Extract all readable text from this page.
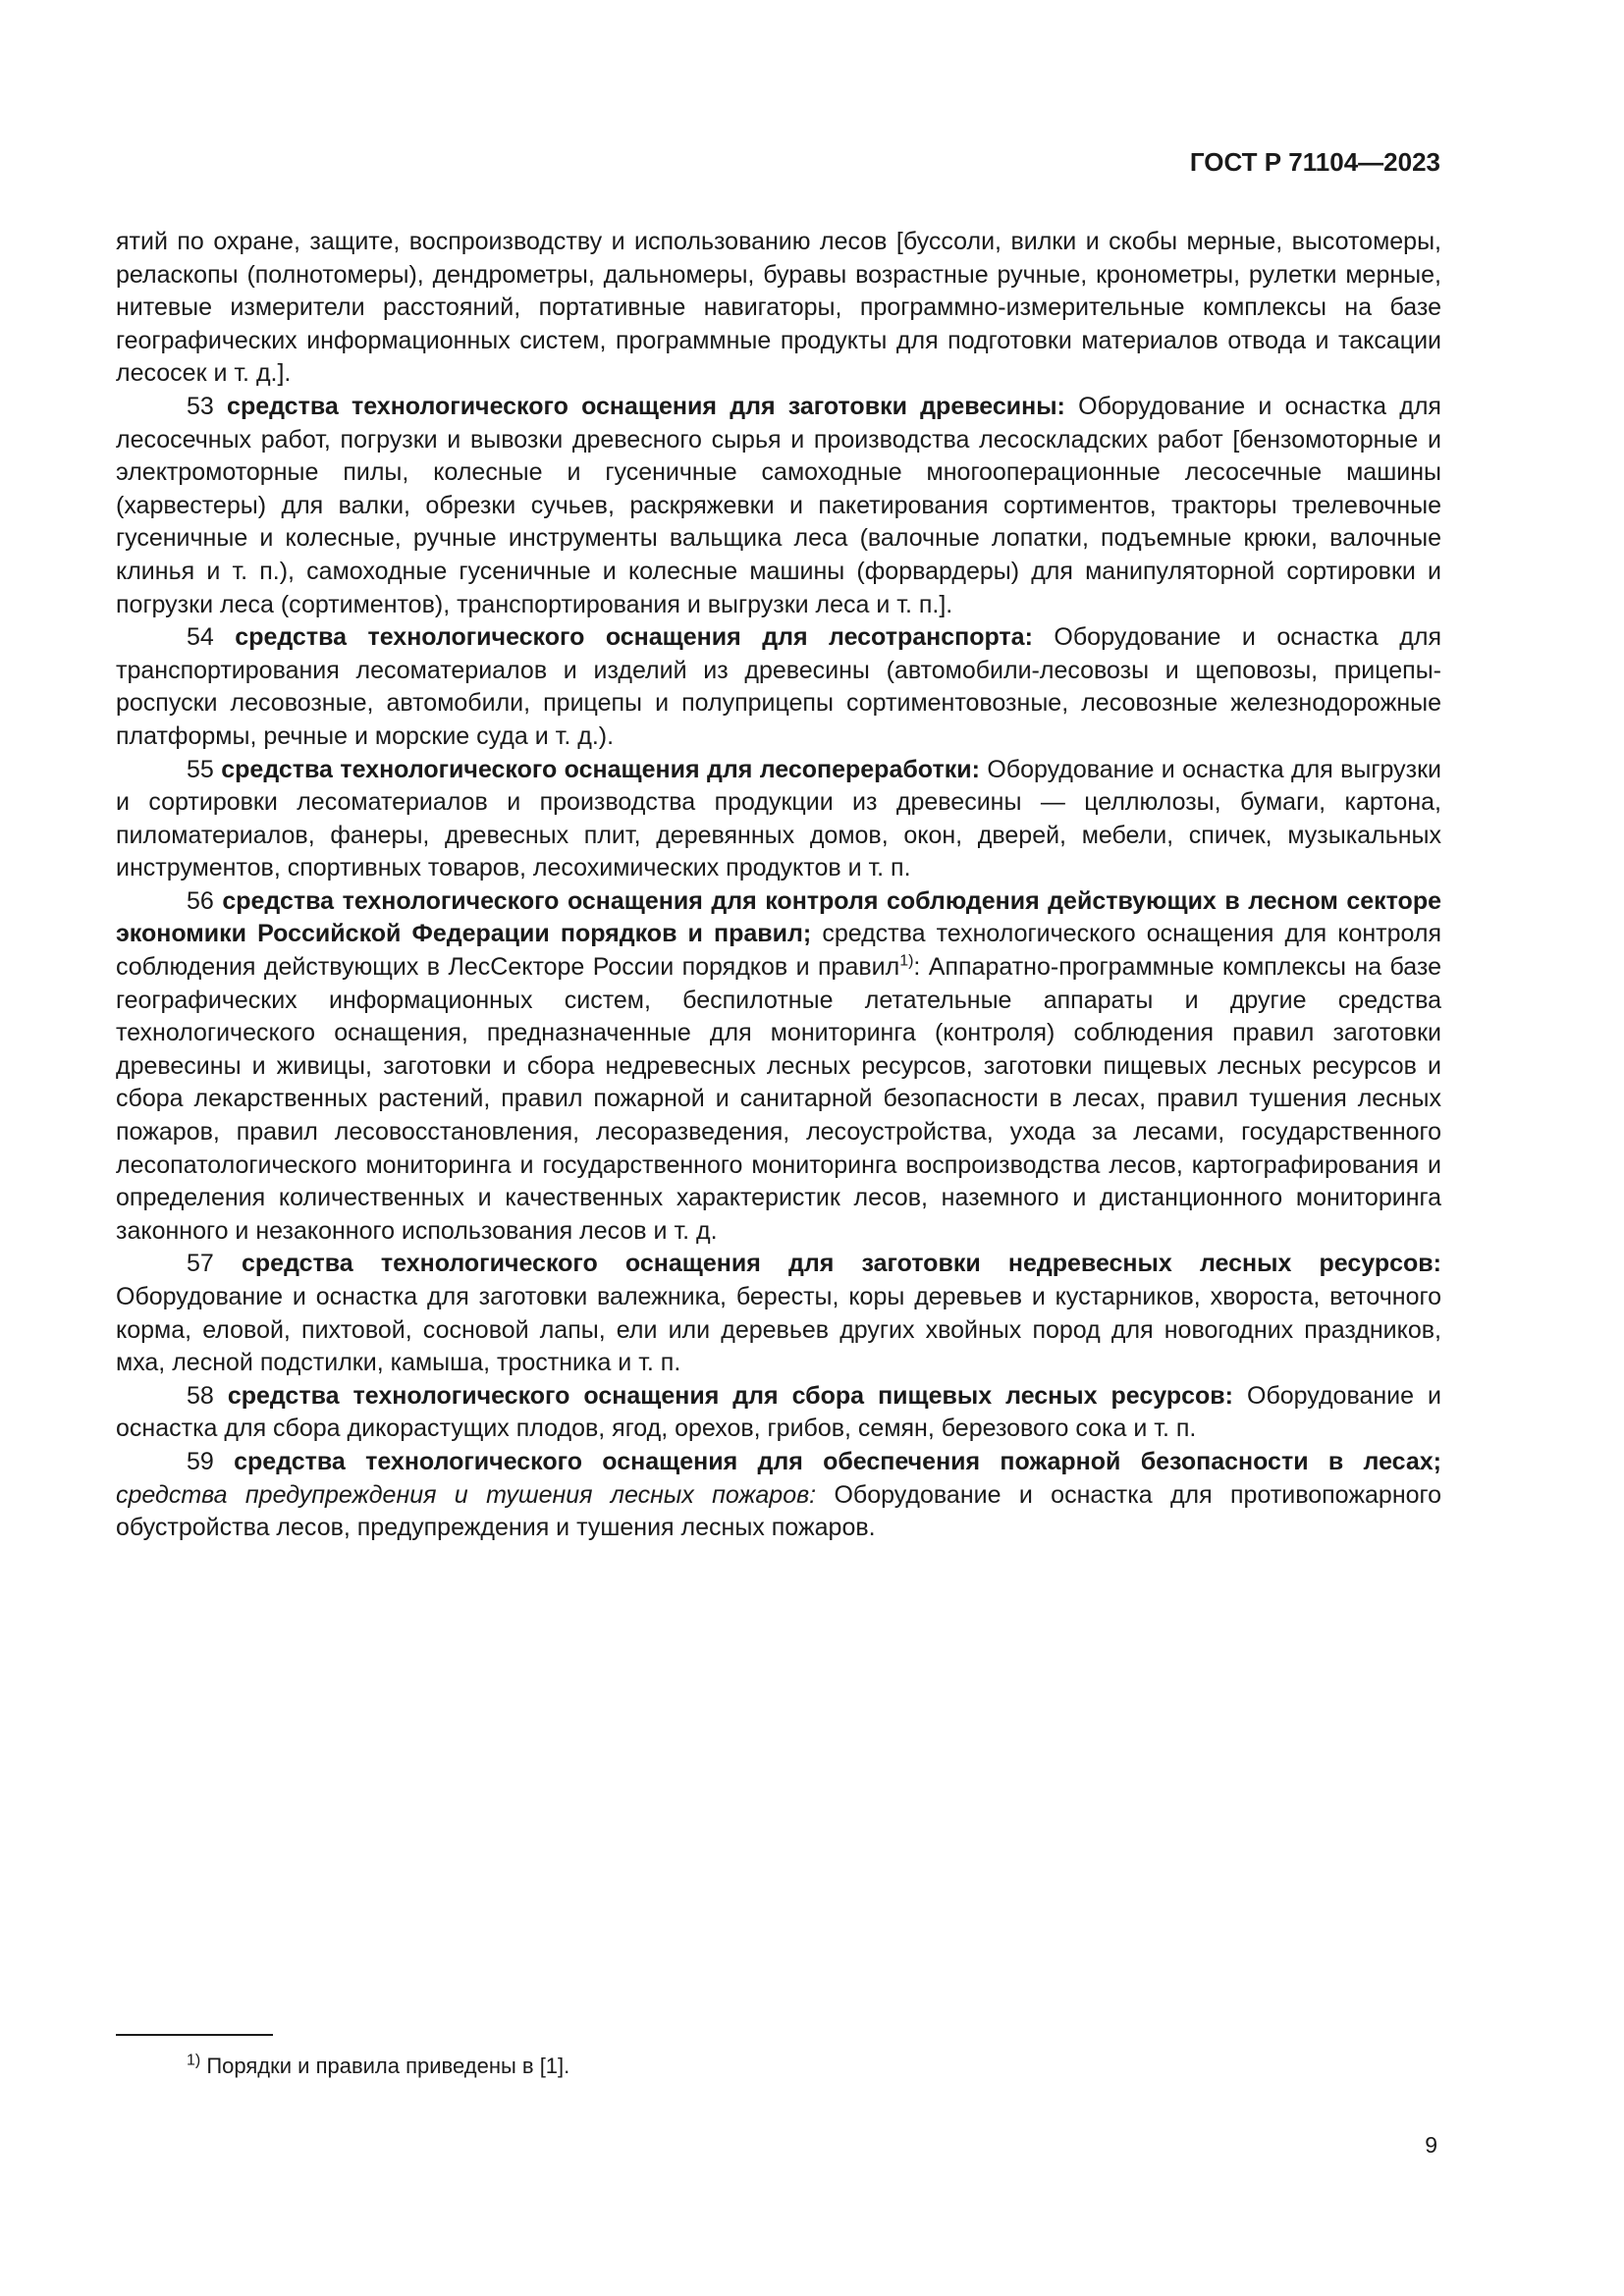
ГОСТ Р 71104—2023

ятий по охране, защите, воспроизводству и использованию лесов [буссоли, вилки и скобы мерные, высотомеры, реласкопы (полнотомеры), дендрометры, дальномеры, буравы возрастные ручные, кронометры, рулетки мерные, нитевые измерители расстояний, портативные навигаторы, программно-измерительные комплексы на базе географических информационных систем, программные продукты для подготовки материалов отвода и таксации лесосек и т. д.].

53 средства технологического оснащения для заготовки древесины: Оборудование и оснастка для лесосечных работ, погрузки и вывозки древесного сырья и производства лесоскладских работ [бензомоторные и электромоторные пилы, колесные и гусеничные самоходные многооперационные лесосечные машины (харвестеры) для валки, обрезки сучьев, раскряжевки и пакетирования сортиментов, тракторы трелевочные гусеничные и колесные, ручные инструменты вальщика леса (валочные лопатки, подъемные крюки, валочные клинья и т. п.), самоходные гусеничные и колесные машины (форвардеры) для манипуляторной сортировки и погрузки леса (сортиментов), транспортирования и выгрузки леса и т. п.].

54 средства технологического оснащения для лесотранспорта: Оборудование и оснастка для транспортирования лесоматериалов и изделий из древесины (автомобили-лесовозы и щеповозы, прицепы-роспуски лесовозные, автомобили, прицепы и полуприцепы сортиментовозные, лесовозные железнодорожные платформы, речные и морские суда и т. д.).

55 средства технологического оснащения для лесопереработки: Оборудование и оснастка для выгрузки и сортировки лесоматериалов и производства продукции из древесины — целлюлозы, бумаги, картона, пиломатериалов, фанеры, древесных плит, деревянных домов, окон, дверей, мебели, спичек, музыкальных инструментов, спортивных товаров, лесохимических продуктов и т. п.

56 средства технологического оснащения для контроля соблюдения действующих в лесном секторе экономики Российской Федерации порядков и правил; средства технологического оснащения для контроля соблюдения действующих в ЛесСекторе России порядков и правил$^{1)}$: Аппаратно-программные комплексы на базе географических информационных систем, беспилотные летательные аппараты и другие средства технологического оснащения, предназначенные для мониторинга (контроля) соблюдения правил заготовки древесины и живицы, заготовки и сбора недревесных лесных ресурсов, заготовки пищевых лесных ресурсов и сбора лекарственных растений, правил пожарной и санитарной безопасности в лесах, правил тушения лесных пожаров, правил лесовосстановления, лесоразведения, лесоустройства, ухода за лесами, государственного лесопатологического мониторинга и государственного мониторинга воспроизводства лесов, картографирования и определения количественных и качественных характеристик лесов, наземного и дистанционного мониторинга законного и незаконного использования лесов и т. д.

57 средства технологического оснащения для заготовки недревесных лесных ресурсов: Оборудование и оснастка для заготовки валежника, бересты, коры деревьев и кустарников, хвороста, веточного корма, еловой, пихтовой, сосновой лапы, ели или деревьев других хвойных пород для новогодних праздников, мха, лесной подстилки, камыша, тростника и т. п.

58 средства технологического оснащения для сбора пищевых лесных ресурсов: Оборудование и оснастка для сбора дикорастущих плодов, ягод, орехов, грибов, семян, березового сока и т. п.

59 средства технологического оснащения для обеспечения пожарной безопасности в лесах; средства предупреждения и тушения лесных пожаров: Оборудование и оснастка для противопожарного обустройства лесов, предупреждения и тушения лесных пожаров.

$^{1)}$ Порядки и правила приведены в [1].
9
